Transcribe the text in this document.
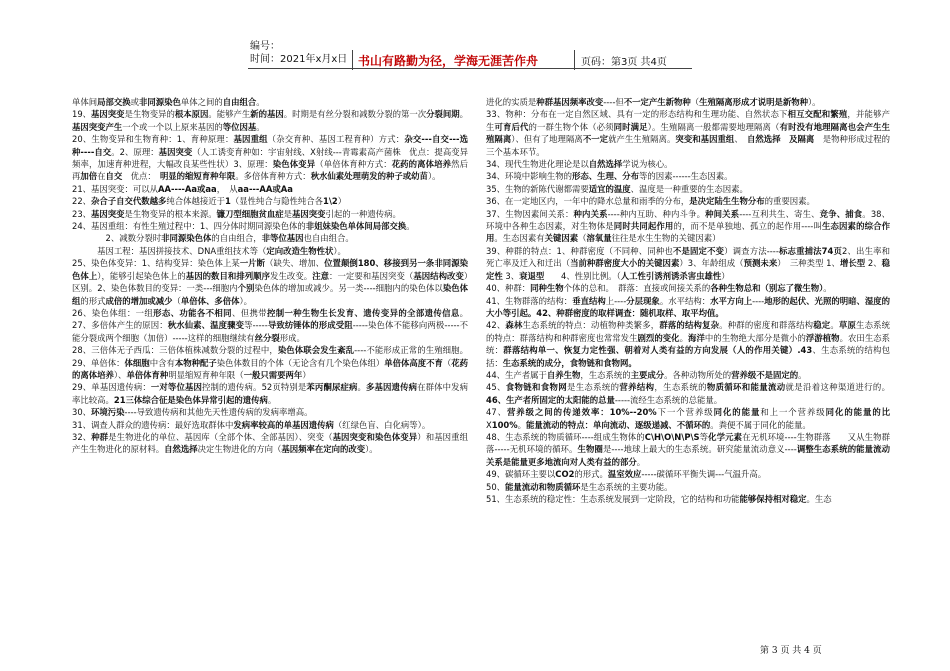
编号：
时间：2021年x月x日 书山有路勤为径，学海无涯苦作舟	页码：第3页 共4页

单体间局部交换或非同源染色单体之间的自由组合。

19、基因突变是生物变异的根本原因。能够产生新的基因。时期是有丝分裂和减数分裂的第一次分裂间期。基因突变产生一个或一个以上原来基因的等位因基。

20、生物变异和生物育种：1、育种原理：基因重组（杂交育种、基因工程育种）方式：杂交---自交---选种----自交。2、原理：基因突变（人工诱变育种如：宇宙射线、X射线---青霉素高产菌株　优点：提高变异频率，加速育种进程，大幅改良某些性状）3、原理：染色体变异（单倍体育种方式：花药的离体培养然后再加倍在自交　优点：　明显的缩短育种年限。多倍体育种方式：秋水仙素处理萌发的种子或幼苗）。

21、基因突变：可以从AA----Aa或aa，　从aa---AA或Aa

22、杂合子自交代数越多纯合体越接近于1（显性纯合与隐性纯合各1\2）

23、基因突变是生物变异的根本来源。镰刀型细胞贫血症是基因突变引起的一种遗传病。

24、基因重组：有性生殖过程中：1、四分体时期同源染色体的非姐妹染色单体间局部交换。

　　　　2、减数分裂时非同源染色体的自由组合，非等位基因也自由组合。

　　　基因工程：基因拼接技术、DNA重组技术等（定向改造生物性状）。

25、染色体变异：1、结构变异：染色体上某一片断（缺失、增加、位置颠倒180、移接到另一条非同源染色体上），能够引起染色体上的基因的数目和排列顺序发生改变。注意：一定要和基因突变（基因结构改变）区别。2、染色体数目的变异：一类---细胞内个别染色体的增加或减少。另一类----细胞内的染色体以染色体组的形式成倍的增加或减少（单倍体、多倍体）。

26、染色体组：一组形态、功能各不相同、但携带控制一种生物生长发育、遗传变异的全部遗传信息。27、多倍体产生的原因：秋水仙素、温度骤变等-----导致纺锤体的形成受阻-----染色体不能移向两极-----不能分裂成两个细胞（加倍）-----这样的细胞继续有丝分裂形成。

28、三倍体无子西瓜：三倍体植株减数分裂的过程中，染色体联会发生紊乱----不能形成正常的生殖细胞。29、单倍体：体细胞中含有本物种配子染色体数目的个体（无论含有几个染色体组）单倍体高度不育（花药的离体培养）、单倍体育种明显缩短育种年限（一般只需要两年）

29、单基因遗传病：一对等位基因控制的遗传病。52页特别是苯丙酮尿症病。多基因遗传病在群体中发病率比较高。21三体综合征是染色体异常引起的遗传病。

30、环境污染----导致遗传病和其他先天性遗传病的发病率增高。

31、调查人群众的遗传病：最好选取群体中发病率较高的单基因遗传病（红绿色盲、白化病等）。

32、种群是生物进化的单位、基因库（全部个体、全部基因）、突变（基因突变和染色体变异）和基因重组产生生物进化的原材料。自然选择决定生物进化的方向（基因频率在定向的改变）。

进化的实质是种群基因频率改变----但不一定产生新物种（生殖隔离形成才说明是新物种）。

33、物种：分布在一定自然区域、具有一定的形态结构和生理功能、自然状态下相互交配和繁殖，并能够产生可育后代的一群生物个体（必须同时满足）。生殖隔离一般都需要地理隔离（有时没有地理隔离也会产生生殖隔离）、但有了地理隔离不一定就产生生殖隔离。突变和基因重组、　自然选择　 及隔离　是物种形成过程的三个基本环节。

34、现代生物进化理论是以自然选择学说为核心。

34、环境中影响生物的形态、生理、分布等的因素------生态因素。

35、生物的新陈代谢都需要适宜的温度、温度是一种重要的生态因素。

36、在一定地区内，一年中的降水总量和雨季的分布，是决定陆生生物分布的重要因素。

37、生物因素间关系：种内关系----种内互助、种内斗争。种间关系----互利共生、寄生、竞争、捕食。38、环境中各种生态因素，对生物体是同时共同起作用的，而不是单独地、孤立的起作用----叫生态因素的综合作用。生态因素有关键因素（溶氧量往往是水生生物的关键因素）

39、种群的特点：1、种群密度（不同种、同种也不是固定不变）调查方法----标志重捕法74页2、出生率和死亡率及迁入和迁出（当前种群密度大小的关键因素）3、年龄组成（预测未来）　三种类型 1、增长型 2、稳定性 3、衰退型　　4、性别比例。（人工性引诱剂诱杀害虫雄性）

40、种群：同种生物个体的总和。　群落：直接或间接关系的各种生物总和（别忘了微生物）。

41、生物群落的结构：垂直结构上----分层现象。水平结构：水平方向上----地形的起伏、光照的明暗、湿度的大小等引起。42、种群密度的取样调查：随机取样、取平均值。

42、森林生态系统的特点：动植物种类繁多，群落的结构复杂。种群的密度和群落结构稳定。草原生态系统的特点：群落结构和种群密度也常常发生剧烈的变化。海洋中的生物绝大部分是微小的浮游植物。农田生态系统：群落结构单一、恢复力定性强、朝着对人类有益的方向发展（人的作用关键）.43、生态系统的结构包括：生态系统的成分，食物链和食物网。

44、生产者属于自养生物，生态系统的主要成分。各种动物所处的营养级不是固定的。

45、食物链和食物网是生态系统的营养结构，生态系统的物质循环和能量流动就是沿着这种渠道进行的。46、生产者所固定的太阳能的总量-----流经生态系统的总能量。

47、营养级之间的传递效率：10%--20%下一个营养级同化的能量和上一个营养级同化的能量的比X100%。能量流动的特点：单向流动、逐级递减、不循环的。粪便不属于同化的能量。

48、生态系统的物质循环----组成生物体的C\H\O\N\P\S等化学元素在无机环境----生物群落　　又从生物群落-----无机环境的循环。生物圈是----地球上最大的生态系统。研究能量流动意义----调整生态系统的能量流动关系是能量更多地流向对人类有益的部分。

49、碳循环主要以CO2的形式。温室效应-----碳循环平衡失调---气温升高。

50、能量流动和物质循环是生态系统的主要功能。

51、生态系统的稳定性：生态系统发展到一定阶段，它的结构和功能能够保持相对稳定。生态

第 3 页 共 4 页
